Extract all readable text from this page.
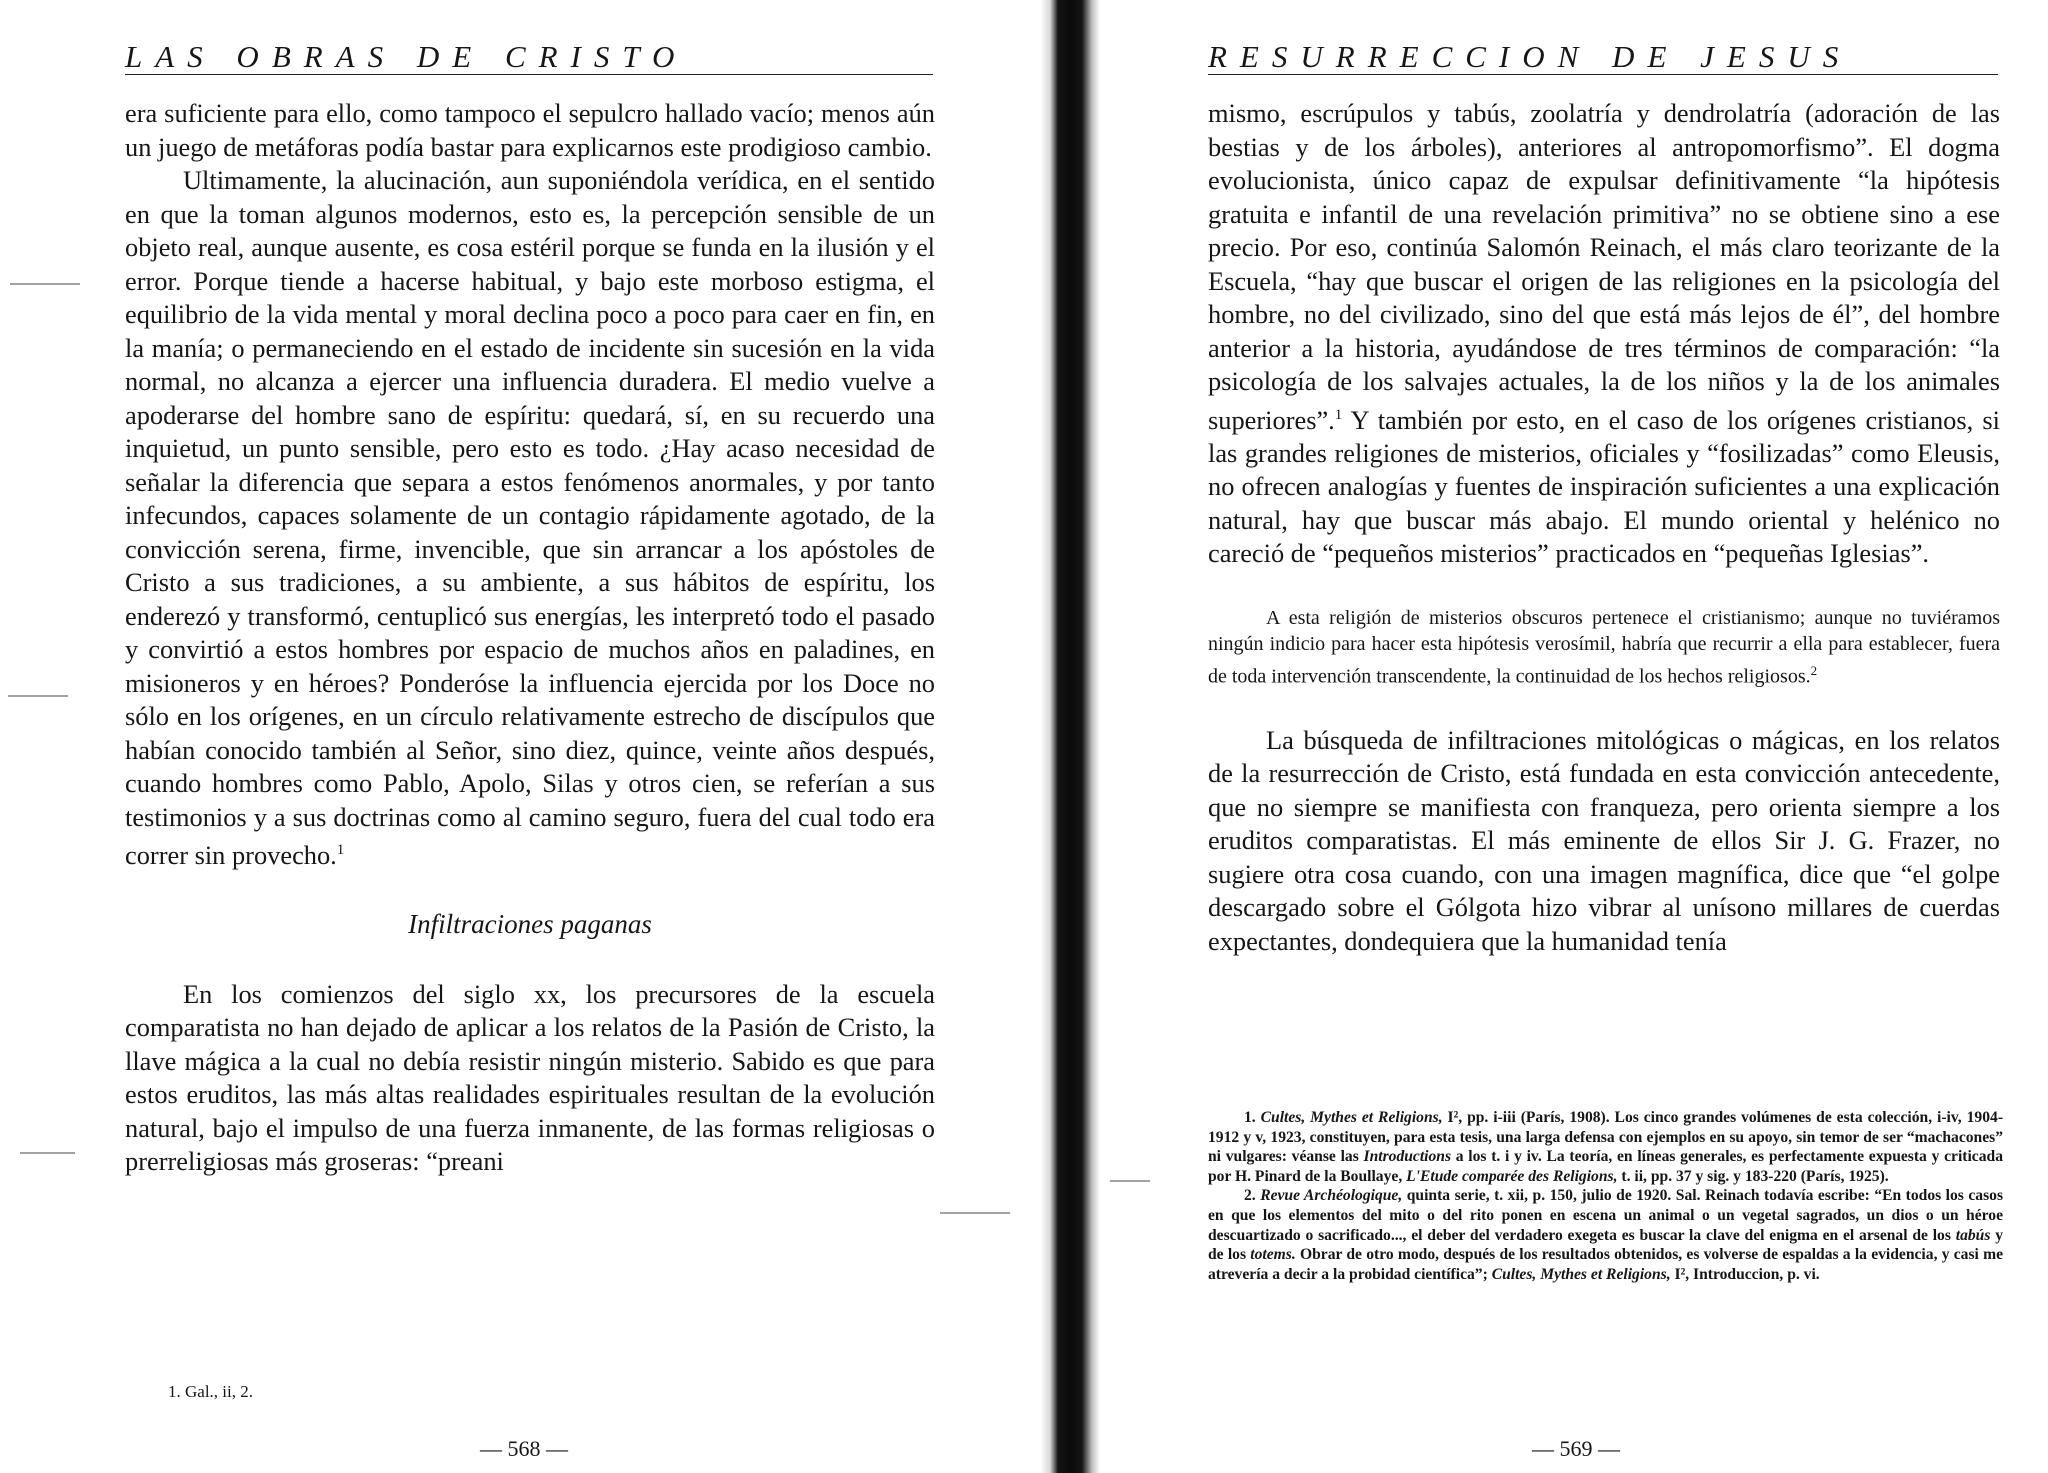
LAS OBRAS DE CRISTO

era suficiente para ello, como tampoco el sepulcro hallado vacío; menos aún un juego de metáforas podía bastar para explicarnos este prodigioso cambio.

Ultimamente, la alucinación, aun suponiéndola verídica, en el sentido en que la toman algunos modernos, esto es, la percepción sensible de un objeto real, aunque ausente, es cosa estéril porque se funda en la ilusión y el error. Porque tiende a hacerse habitual, y bajo este morboso estigma, el equilibrio de la vida mental y moral declina poco a poco para caer en fin, en la manía; o permaneciendo en el estado de incidente sin sucesión en la vida normal, no alcanza a ejercer una influencia duradera. El medio vuelve a apoderarse del hombre sano de espíritu: quedará, sí, en su recuerdo una inquietud, un punto sensible, pero esto es todo. ¿Hay acaso necesidad de señalar la diferencia que separa a estos fenómenos anormales, y por tanto infecundos, capaces solamente de un contagio rápidamente agotado, de la convicción serena, firme, invencible, que sin arrancar a los apóstoles de Cristo a sus tradiciones, a su ambiente, a sus hábitos de espíritu, los enderezó y transformó, centuplicó sus energías, les interpretó todo el pasado y convirtió a estos hombres por espacio de muchos años en paladines, en misioneros y en héroes? Ponderóse la influencia ejercida por los Doce no sólo en los orígenes, en un círculo relativamente estrecho de discípulos que habían conocido también al Señor, sino diez, quince, veinte años después, cuando hombres como Pablo, Apolo, Silas y otros cien, se referían a sus testimonios y a sus doctrinas como al camino seguro, fuera del cual todo era correr sin provecho.$^1$

Infiltraciones paganas

En los comienzos del siglo xx, los precursores de la escuela comparatista no han dejado de aplicar a los relatos de la Pasión de Cristo, la llave mágica a la cual no debía resistir ningún misterio. Sabido es que para estos eruditos, las más altas realidades espirituales resultan de la evolución natural, bajo el impulso de una fuerza inmanente, de las formas religiosas o prerreligiosas más groseras: “preani

1. Gal., ii, 2.
— 568 —
RESURRECCION DE JESUS

mismo, escrúpulos y tabús, zoolatría y dendrolatría (adoración de las bestias y de los árboles), anteriores al antropomorfismo”. El dogma evolucionista, único capaz de expulsar definitivamente “la hipótesis gratuita e infantil de una revelación primitiva” no se obtiene sino a ese precio. Por eso, continúa Salomón Reinach, el más claro teorizante de la Escuela, “hay que buscar el origen de las religiones en la psicología del hombre, no del civilizado, sino del que está más lejos de él”, del hombre anterior a la historia, ayudándose de tres términos de comparación: “la psicología de los salvajes actuales, la de los niños y la de los animales superiores”.$^1$ Y también por esto, en el caso de los orígenes cristianos, si las grandes religiones de misterios, oficiales y “fosilizadas” como Eleusis, no ofrecen analogías y fuentes de inspiración suficientes a una explicación natural, hay que buscar más abajo. El mundo oriental y helénico no careció de “pequeños misterios” practicados en “pequeñas Iglesias”.

A esta religión de misterios obscuros pertenece el cristianismo; aunque no tuviéramos ningún indicio para hacer esta hipótesis verosímil, habría que recurrir a ella para establecer, fuera de toda intervención transcendente, la continuidad de los hechos religiosos.$^2$

La búsqueda de infiltraciones mitológicas o mágicas, en los relatos de la resurrección de Cristo, está fundada en esta convicción antecedente, que no siempre se manifiesta con franqueza, pero orienta siempre a los eruditos comparatistas. El más eminente de ellos Sir J. G. Frazer, no sugiere otra cosa cuando, con una imagen magnífica, dice que “el golpe descargado sobre el Gólgota hizo vibrar al unísono millares de cuerdas expectantes, dondequiera que la humanidad tenía

1. Cultes, Mythes et Religions, I², pp. i-iii (París, 1908). Los cinco grandes volúmenes de esta colección, i-iv, 1904-1912 y v, 1923, constituyen, para esta tesis, una larga defensa con ejemplos en su apoyo, sin temor de ser “machacones” ni vulgares: véanse las Introductions a los t. i y iv. La teoría, en líneas generales, es perfectamente expuesta y criticada por H. Pinard de la Boullaye, L'Etude comparée des Religions, t. ii, pp. 37 y sig. y 183-220 (París, 1925).

2. Revue Archéologique, quinta serie, t. xii, p. 150, julio de 1920. Sal. Reinach todavía escribe: “En todos los casos en que los elementos del mito o del rito ponen en escena un animal o un vegetal sagrados, un dios o un héroe descuartizado o sacrificado..., el deber del verdadero exegeta es buscar la clave del enigma en el arsenal de los tabús y de los totems. Obrar de otro modo, después de los resultados obtenidos, es volverse de espaldas a la evidencia, y casi me atrevería a decir a la probidad científica”; Cultes, Mythes et Religions, I², Introduccion, p. vi.

— 569 —
